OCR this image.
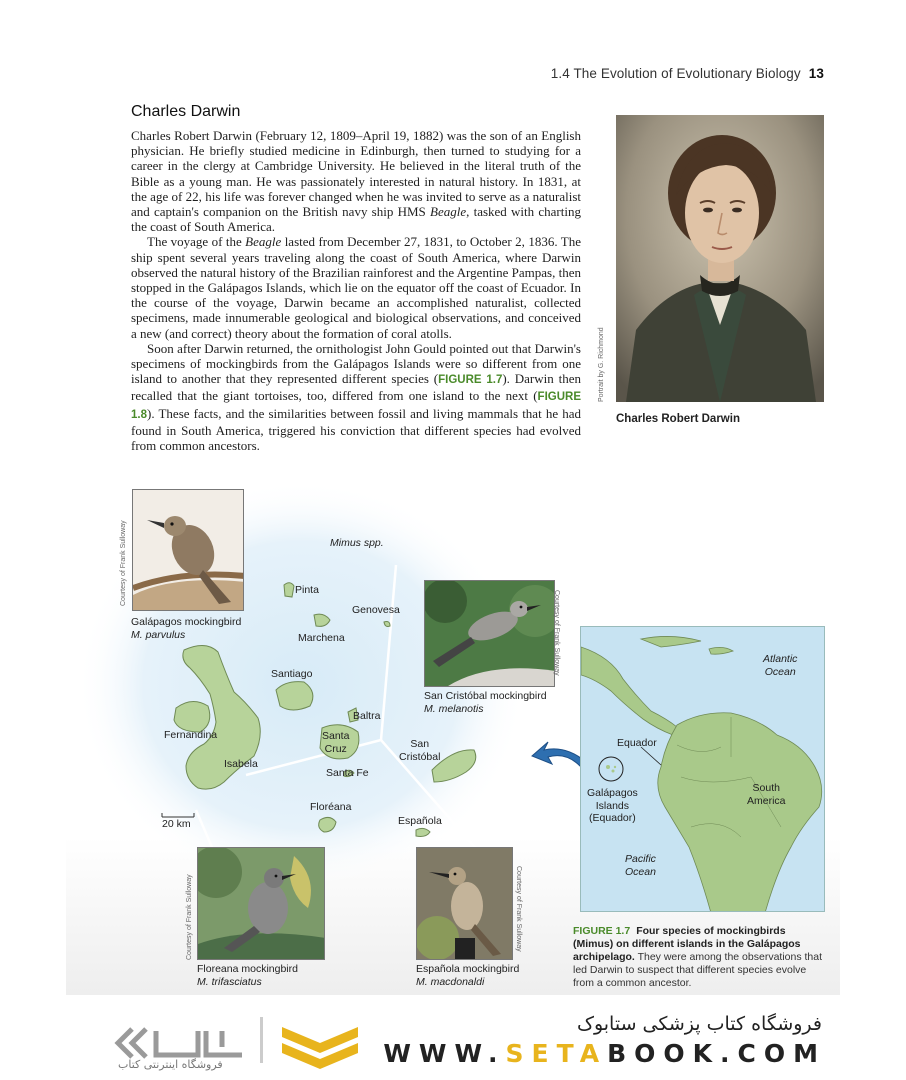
1.4 The Evolution of Evolutionary Biology 13
Charles Darwin

Charles Robert Darwin (February 12, 1809–April 19, 1882) was the son of an English physician. He briefly studied medicine in Edinburgh, then turned to studying for a career in the clergy at Cambridge University. He believed in the literal truth of the Bible as a young man. He was passionately interested in natural history. In 1831, at the age of 22, his life was forever changed when he was invited to serve as a naturalist and captain's companion on the British navy ship HMS Beagle, tasked with charting the coast of South America.

The voyage of the Beagle lasted from December 27, 1831, to October 2, 1836. The ship spent several years traveling along the coast of South America, where Darwin observed the natural history of the Brazilian rainforest and the Argentine Pampas, then stopped in the Galápagos Islands, which lie on the equator off the coast of Ecuador. In the course of the voyage, Darwin became an accomplished naturalist, collected specimens, made innumerable geological and biological observations, and conceived a new (and correct) theory about the formation of coral atolls.

Soon after Darwin returned, the ornithologist John Gould pointed out that Darwin's specimens of mockingbirds from the Galápagos Islands were so different from one island to another that they represented different species (FIGURE 1.7). Darwin then recalled that the giant tortoises, too, differed from one island to the next (FIGURE 1.8). These facts, and the similarities between fossil and living mammals that he had found in South America, triggered his conviction that different species had evolved from common ancestors.

Portrait by G. Richmond
Charles Robert Darwin
Courtesy of Frank Sulloway
Galápagos mockingbird
M. parvulus
Mimus spp.
Courtesy of Frank Sulloway
San Cristóbal mockingbird
M. melanotis
Courtesy of Frank Sulloway
Floreana mockingbird
M. trifasciatus
Courtesy of Frank Sulloway
Española mockingbird
M. macdonaldi
Pinta
Genovesa
Marchena
Santiago
Baltra
Fernandina	Santa
Cruz
Isabela
Santa Fe
San
Cristóbal
Floréana
Española
20 km
Atlantic
Ocean
Equador
South
America
Galápagos
Islands
(Equador)
Pacific
Ocean
FIGURE 1.7 Four species of mockingbirds (Mimus) on different islands in the Galápagos archipelago. They were among the observations that led Darwin to suspect that different species evolve from a common ancestor.
فروشگاه اینترنتی کتاب
فروشگاه کتاب پزشکی ستابوک
WWW.SETABOOK.COM
